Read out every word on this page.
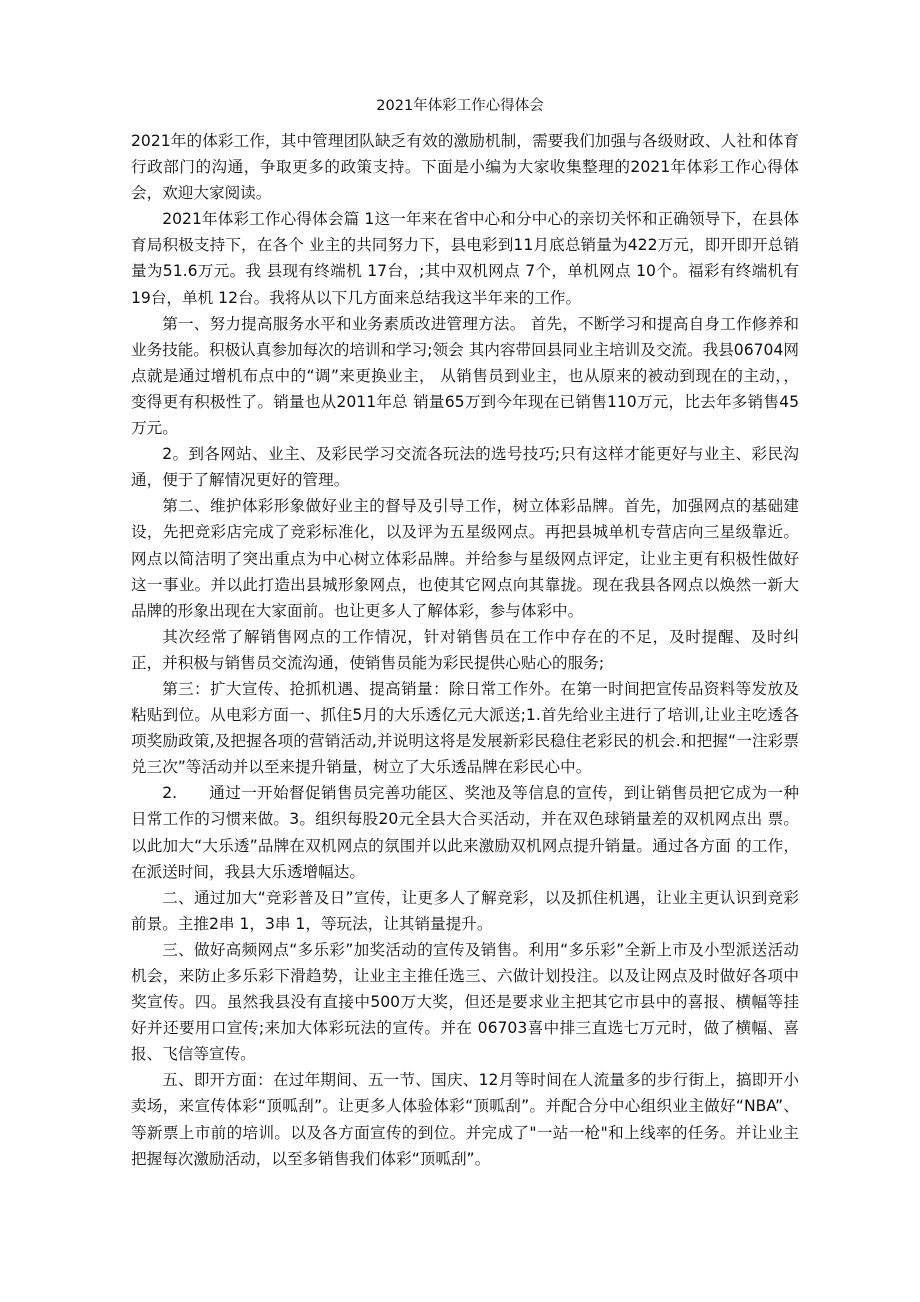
2021年体彩工作心得体会

2021年的体彩工作，其中管理团队缺乏有效的激励机制，需要我们加强与各级财政、人社和体育行政部门的沟通，争取更多的政策支持。下面是小编为大家收集整理的2021年体彩工作心得体会，欢迎大家阅读。

2021年体彩工作心得体会篇 1这一年来在省中心和分中心的亲切关怀和正确领导下，在县体育局积极支持下，在各个 业主的共同努力下，县电彩到11月底总销量为422万元，即开即开总销量为51.6万元。我 县现有终端机 17台，;其中双机网点 7个，单机网点 10个。福彩有终端机有 19台，单机 12台。我将从以下几方面来总结我这半年来的工作。

第一、努力提高服务水平和业务素质改进管理方法。 首先，不断学习和提高自身工作修养和业务技能。积极认真参加每次的培训和学习;领会 其内容带回县同业主培训及交流。我县06704网点就是通过增机布点中的“调”来更换业主， 从销售员到业主，也从原来的被动到现在的主动，，变得更有积极性了。销量也从2011年总 销量65万到今年现在已销售110万元，比去年多销售45万元。

2。到各网站、业主、及彩民学习交流各玩法的选号技巧;只有这样才能更好与业主、彩民沟通，便于了解情况更好的管理。

第二、维护体彩形象做好业主的督导及引导工作，树立体彩品牌。首先，加强网点的基础建设，先把竞彩店完成了竞彩标准化，以及评为五星级网点。再把县城单机专营店向三星级靠近。网点以简洁明了突出重点为中心树立体彩品牌。并给参与星级网点评定，让业主更有积极性做好这一事业。并以此打造出县城形象网点，也使其它网点向其靠拢。现在我县各网点以焕然一新大品牌的形象出现在大家面前。也让更多人了解体彩，参与体彩中。

其次经常了解销售网点的工作情况，针对销售员在工作中存在的不足，及时提醒、及时纠正，并积极与销售员交流沟通，使销售员能为彩民提供心贴心的服务;

第三：扩大宣传、抢抓机遇、提高销量：除日常工作外。在第一时间把宣传品资料等发放及粘贴到位。从电彩方面一、抓住5月的大乐透亿元大派送;1.首先给业主进行了培训,让业主吃透各项奖励政策,及把握各项的营销活动,并说明这将是发展新彩民稳住老彩民的机会.和把握“一注彩票兑三次”等活动并以至来提升销量，树立了大乐透品牌在彩民心中。

2.　　通过一开始督促销售员完善功能区、奖池及等信息的宣传，到让销售员把它成为一种 日常工作的习惯来做。3。组织每股20元全县大合买活动，并在双色球销量差的双机网点出 票。以此加大“大乐透”品牌在双机网点的氛围并以此来激励双机网点提升销量。通过各方面 的工作，在派送时间，我县大乐透增幅达。

二、通过加大“竞彩普及日”宣传，让更多人了解竞彩，以及抓住机遇，让业主更认识到竞彩前景。主推2串 1，3串 1，等玩法，让其销量提升。

三、做好高频网点“多乐彩”加奖活动的宣传及销售。利用“多乐彩”全新上市及小型派送活动机会，来防止多乐彩下滑趋势，让业主主推任选三、六做计划投注。以及让网点及时做好各项中奖宣传。四。虽然我县没有直接中500万大奖，但还是要求业主把其它市县中的喜报、横幅等挂好并还要用口宣传;来加大体彩玩法的宣传。并在 06703喜中排三直选七万元时，做了横幅、喜报、飞信等宣传。

五、即开方面：在过年期间、五一节、国庆、12月等时间在人流量多的步行街上，搞即开小卖场，来宣传体彩“顶呱刮”。让更多人体验体彩“顶呱刮”。并配合分中心组织业主做好“NBA”、等新票上市前的培训。以及各方面宣传的到位。并完成了"一站一枪"和上线率的任务。并让业主把握每次激励活动，以至多销售我们体彩“顶呱刮”。
